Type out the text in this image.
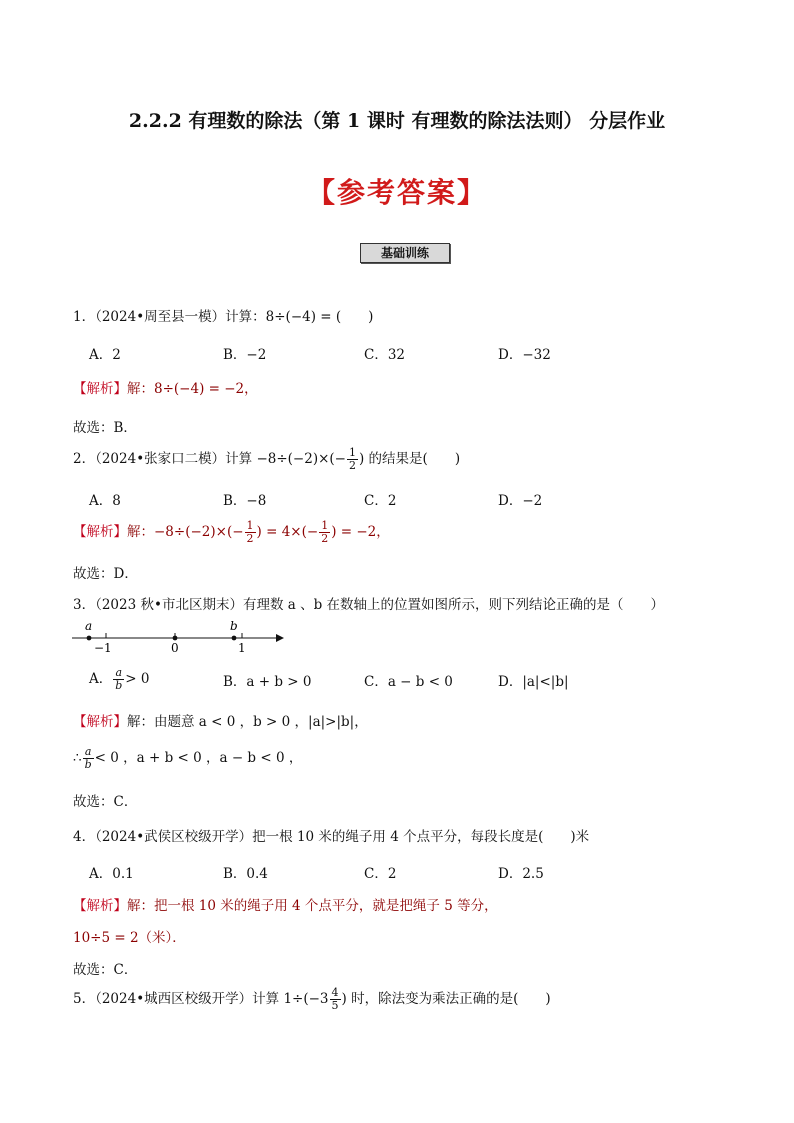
2.2.2 有理数的除法（第 1 课时 有理数的除法法则） 分层作业
【参考答案】
基础训练
1．（2024•周至县一模）计算：8÷(−4) = (　　)
A．2	B．−2	C．32	D．−32
【解析】解：8÷(−4) = −2，
故选：B．
2．（2024•张家口二模）计算 $-8\div(-2)\times(- \frac{1}{2}$ ) 的结果是(　　)
A．8	B．−8	C．2	D．−2
【解析】解：$-8\div(-2)\times(- \frac{1}{2}$ ) = $4\times(- \frac{1}{2}$ ) = −2，
故选：D．
3．（2023 秋•市北区期末）有理数 a 、b 在数轴上的位置如图所示，则下列结论正确的是（　　）
a	b
−1	0	1
A． $\frac{a}{b} > 0$	B．a + b > 0	C．a − b < 0	D．|a|<|b|
【解析】解：由题意 a < 0 ，b > 0 ，|a|>|b|，
∴ $\frac{a}{b} < 0$ ，a + b < 0 ，a − b < 0 ，
故选：C．
4．（2024•武侯区校级开学）把一根 10 米的绳子用 4 个点平分，每段长度是(　　)米
A．0.1	B．0.4	C．2	D．2.5
【解析】解：把一根 10 米的绳子用 4 个点平分，就是把绳子 5 等分，
10÷5 = 2（米）．
故选：C．
5．（2024•城西区校级开学）计算 $1\div(-3 \frac{4}{5}$ ) 时，除法变为乘法正确的是(　　)
